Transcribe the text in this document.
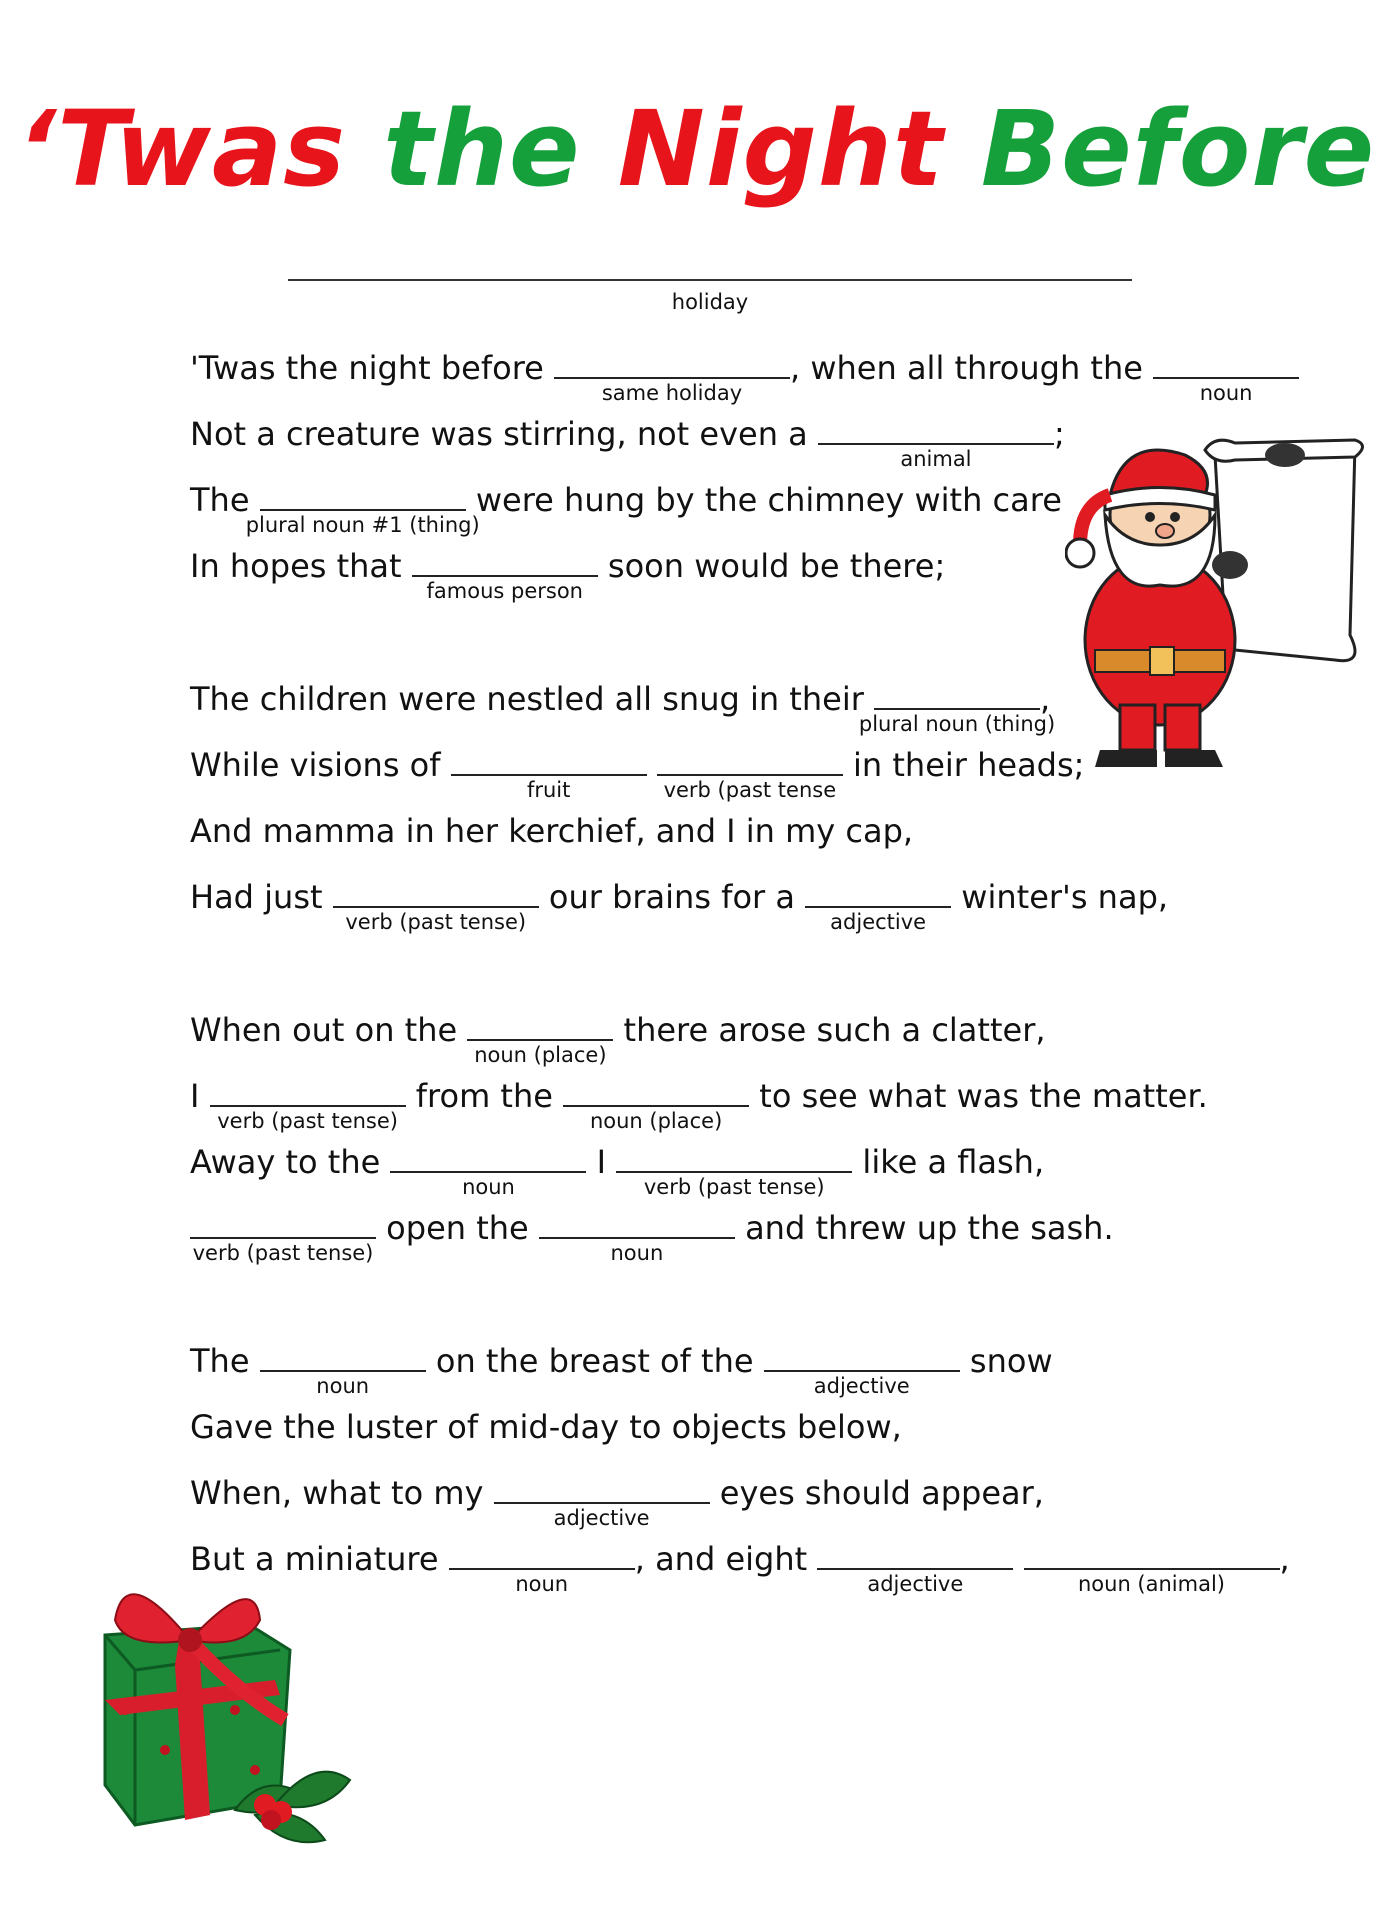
‘Twas the Night Before
holiday
'Twas the night before
same holiday
, when all through the
noun
Not a creature was stirring, not even a
animal
;
The
plural noun #1 (thing)
were hung by the chimney with care
In hopes that
famous person
soon would be there;
The children were nestled all snug in their
plural noun (thing)
,
While visions of
fruit
	verb (past tense
in their heads;
And mamma in her kerchief, and I in my cap,
Had just
verb (past tense)
our brains for a
adjective
winter's nap,
When out on the
noun (place)
there arose such a clatter,
I
verb (past tense)
from the
noun (place)
to see what was the matter.
Away to the
noun
I
verb (past tense)
like a flash,
verb (past tense)
open the
noun
and threw up the sash.
The
noun
on the breast of the
adjective
snow
Gave the luster of mid-day to objects below,
When, what to my
adjective
eyes should appear,
But a miniature
noun
, and eight
adjective
	noun (animal)
,
